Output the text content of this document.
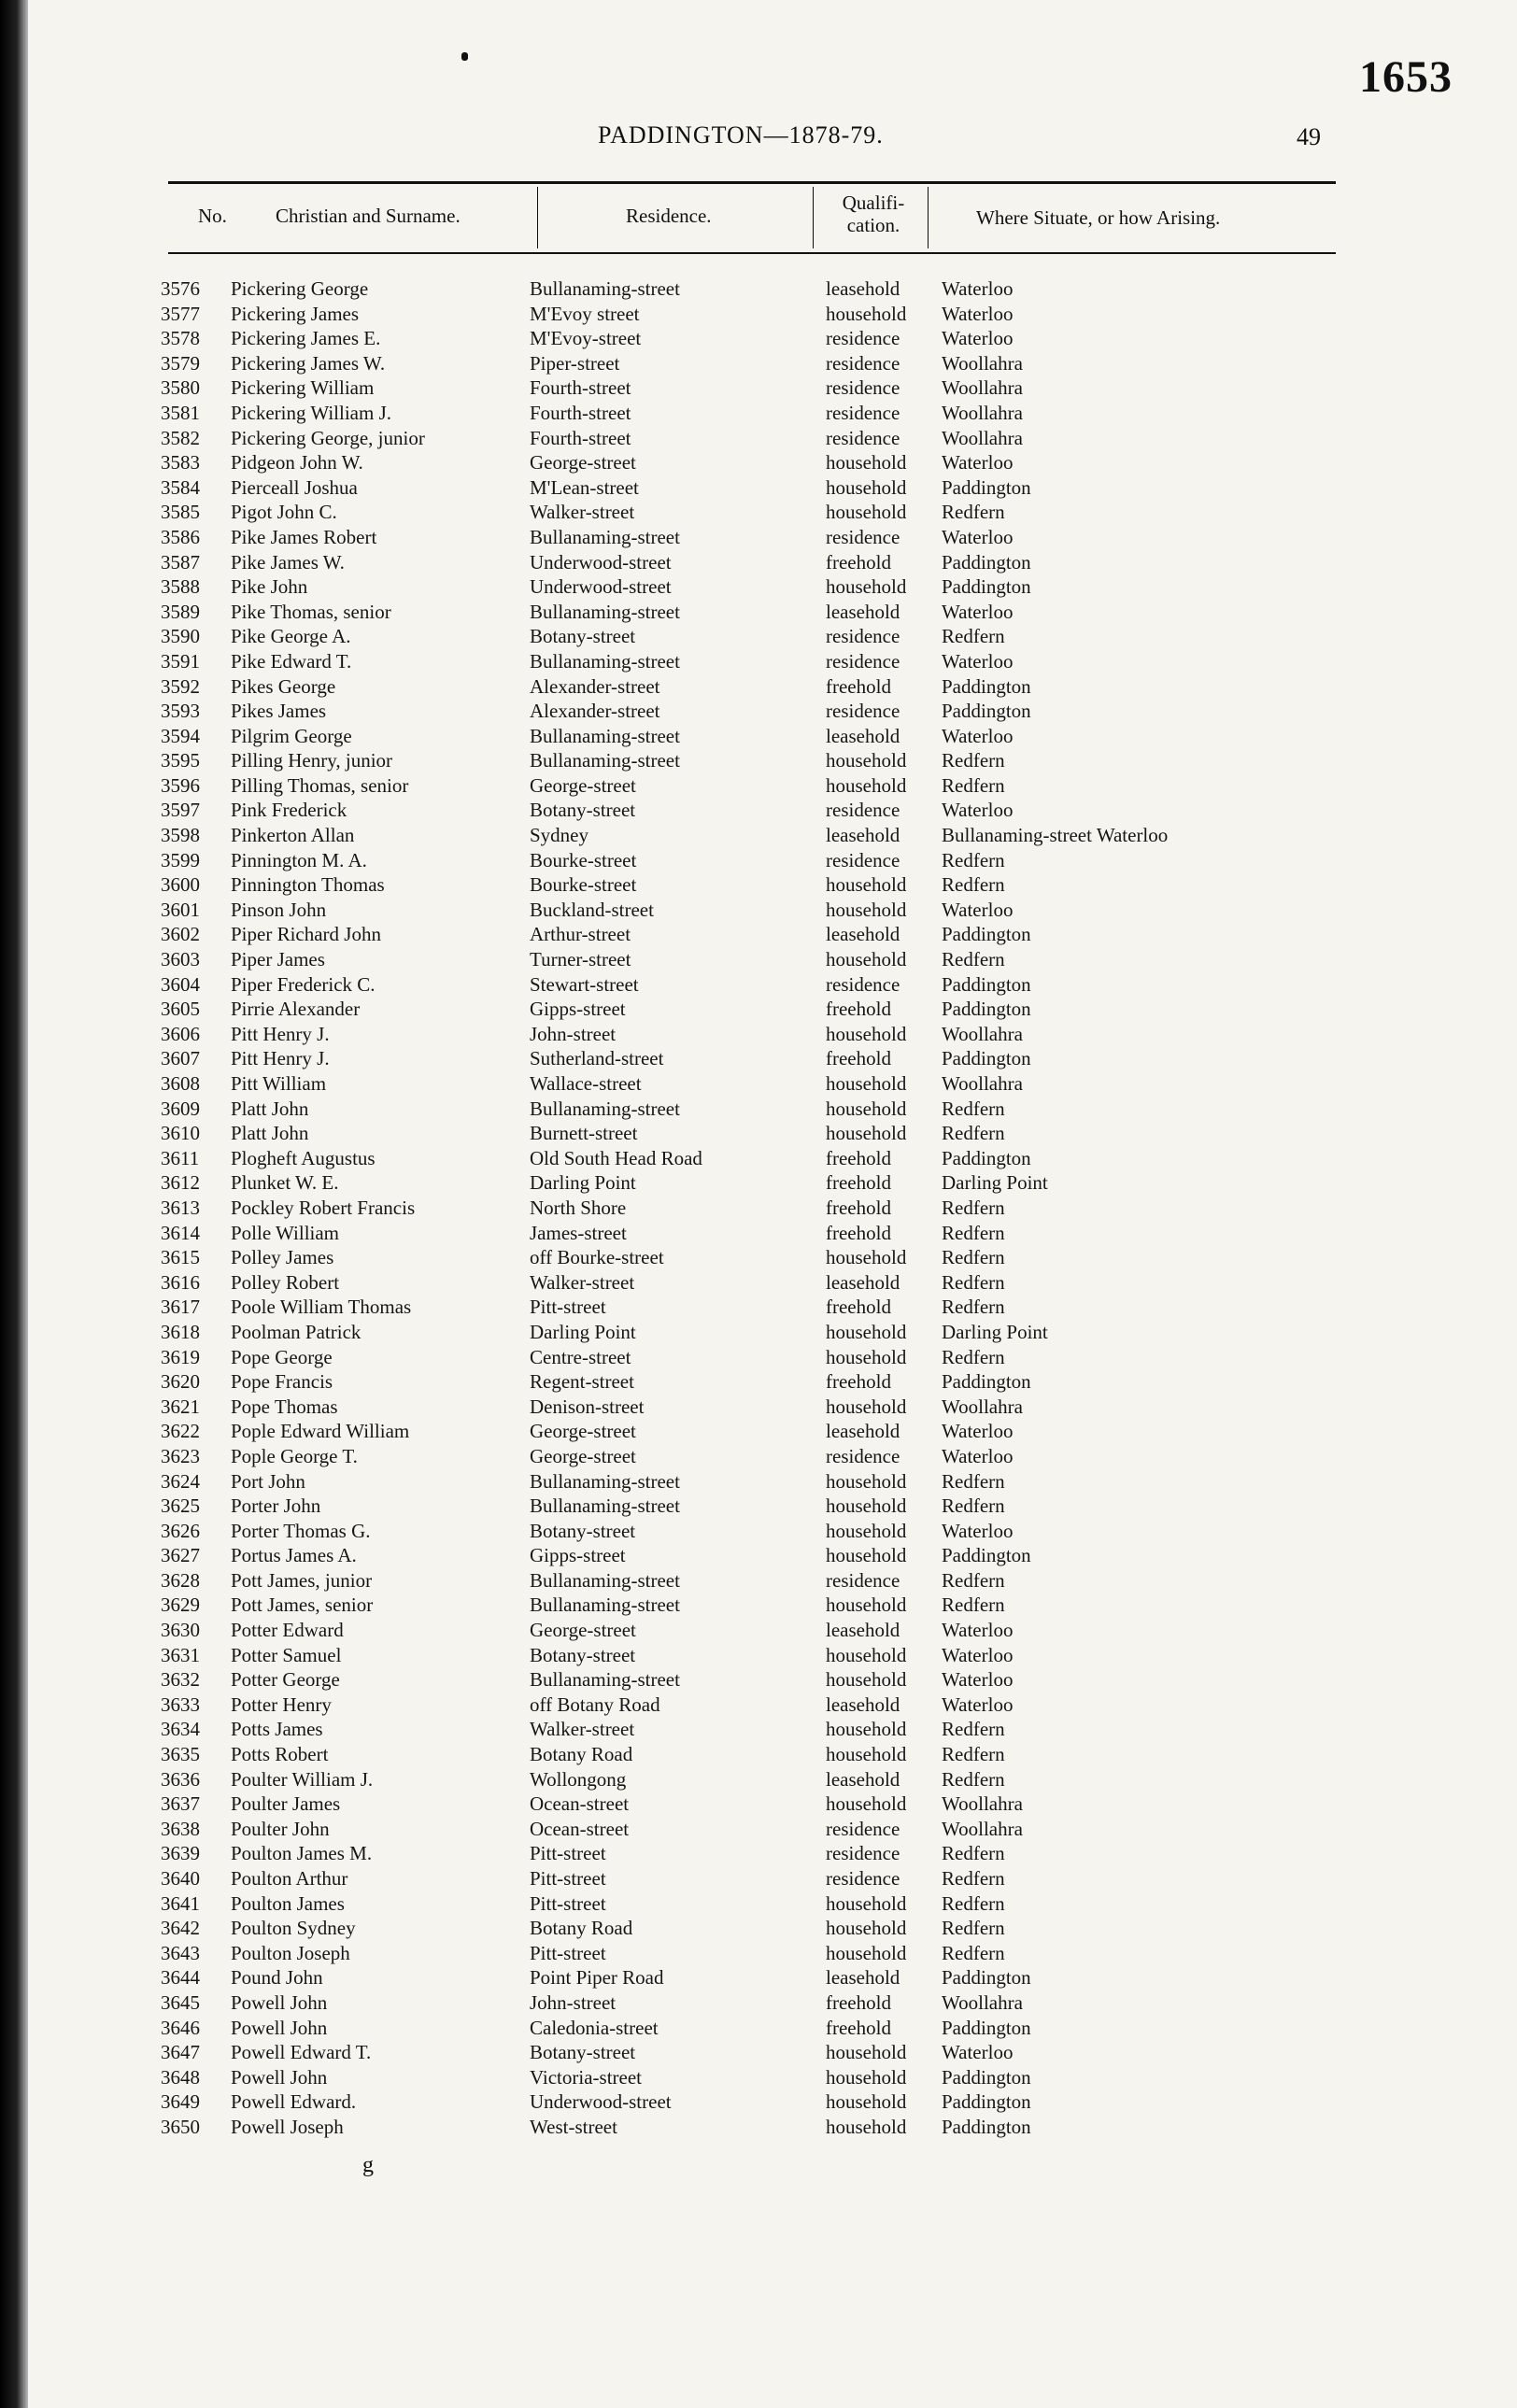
1653
PADDINGTON—1878-79.	49
No. Christian and Surname.	Residence.
Qualifi- cation.	Where Situate, or how Arising.
3576 Pickering George	Bullanaming-street	leasehold Waterloo
3577 Pickering James	M'Evoy street	household Waterloo
3578 Pickering James E.	M'Evoy-street	residence Waterloo
3579 Pickering James W.	Piper-street	residence Woollahra
3580 Pickering William	Fourth-street	residence Woollahra
3581 Pickering William J.	Fourth-street	residence Woollahra
3582 Pickering George, junior	Fourth-street	residence Woollahra
3583 Pidgeon John W.	George-street	household Waterloo
3584 Pierceall Joshua	M'Lean-street	household Paddington
3585 Pigot John C.	Walker-street	household Redfern
3586 Pike James Robert	Bullanaming-street	residence Waterloo
3587 Pike James W.	Underwood-street	freehold	Paddington
3588 Pike John	Underwood-street	household Paddington
3589 Pike Thomas, senior	Bullanaming-street	leasehold Waterloo
3590 Pike George A.	Botany-street	residence Redfern
3591 Pike Edward T.	Bullanaming-street	residence Waterloo
3592 Pikes George	Alexander-street	freehold	Paddington
3593 Pikes James	Alexander-street	residence Paddington
3594 Pilgrim George	Bullanaming-street	leasehold Waterloo
3595 Pilling Henry, junior	Bullanaming-street	household Redfern
3596 Pilling Thomas, senior	George-street	household Redfern
3597 Pink Frederick	Botany-street	residence Waterloo
3598 Pinkerton Allan	Sydney	leasehold Bullanaming-street Waterloo
3599 Pinnington M. A.	Bourke-street	residence Redfern
3600 Pinnington Thomas	Bourke-street	household Redfern
3601 Pinson John	Buckland-street	household Waterloo
3602 Piper Richard John	Arthur-street	leasehold Paddington
3603 Piper James	Turner-street	household Redfern
3604 Piper Frederick C.	Stewart-street	residence Paddington
3605 Pirrie Alexander	Gipps-street	freehold	Paddington
3606 Pitt Henry J.	John-street	household Woollahra
3607 Pitt Henry J.	Sutherland-street	freehold	Paddington
3608 Pitt William	Wallace-street	household Woollahra
3609 Platt John	Bullanaming-street	household Redfern
3610 Platt John	Burnett-street	household Redfern
3611 Plogheft Augustus	Old South Head Road	freehold	Paddington
3612 Plunket W. E.	Darling Point	freehold	Darling Point
3613 Pockley Robert Francis	North Shore	freehold	Redfern
3614 Polle William	James-street	freehold	Redfern
3615 Polley James	off Bourke-street	household Redfern
3616 Polley Robert	Walker-street	leasehold Redfern
3617 Poole William Thomas	Pitt-street	freehold	Redfern
3618 Poolman Patrick	Darling Point	household Darling Point
3619 Pope George	Centre-street	household Redfern
3620 Pope Francis	Regent-street	freehold	Paddington
3621 Pope Thomas	Denison-street	household Woollahra
3622 Pople Edward William	George-street	leasehold Waterloo
3623 Pople George T.	George-street	residence Waterloo
3624 Port John	Bullanaming-street	household Redfern
3625 Porter John	Bullanaming-street	household Redfern
3626 Porter Thomas G.	Botany-street	household Waterloo
3627 Portus James A.	Gipps-street	household Paddington
3628 Pott James, junior	Bullanaming-street	residence Redfern
3629 Pott James, senior	Bullanaming-street	household Redfern
3630 Potter Edward	George-street	leasehold Waterloo
3631 Potter Samuel	Botany-street	household Waterloo
3632 Potter George	Bullanaming-street	household Waterloo
3633 Potter Henry	off Botany Road	leasehold Waterloo
3634 Potts James	Walker-street	household Redfern
3635 Potts Robert	Botany Road	household Redfern
3636 Poulter William J.	Wollongong	leasehold Redfern
3637 Poulter James	Ocean-street	household Woollahra
3638 Poulter John	Ocean-street	residence Woollahra
3639 Poulton James M.	Pitt-street	residence Redfern
3640 Poulton Arthur	Pitt-street	residence Redfern
3641 Poulton James	Pitt-street	household Redfern
3642 Poulton Sydney	Botany Road	household Redfern
3643 Poulton Joseph	Pitt-street	household Redfern
3644 Pound John	Point Piper Road	leasehold Paddington
3645 Powell John	John-street	freehold	Woollahra
3646 Powell John	Caledonia-street	freehold	Paddington
3647 Powell Edward T.	Botany-street	household Waterloo
3648 Powell John	Victoria-street	household Paddington
3649 Powell Edward.	Underwood-street	household Paddington
3650 Powell Joseph	West-street	household Paddington
g
